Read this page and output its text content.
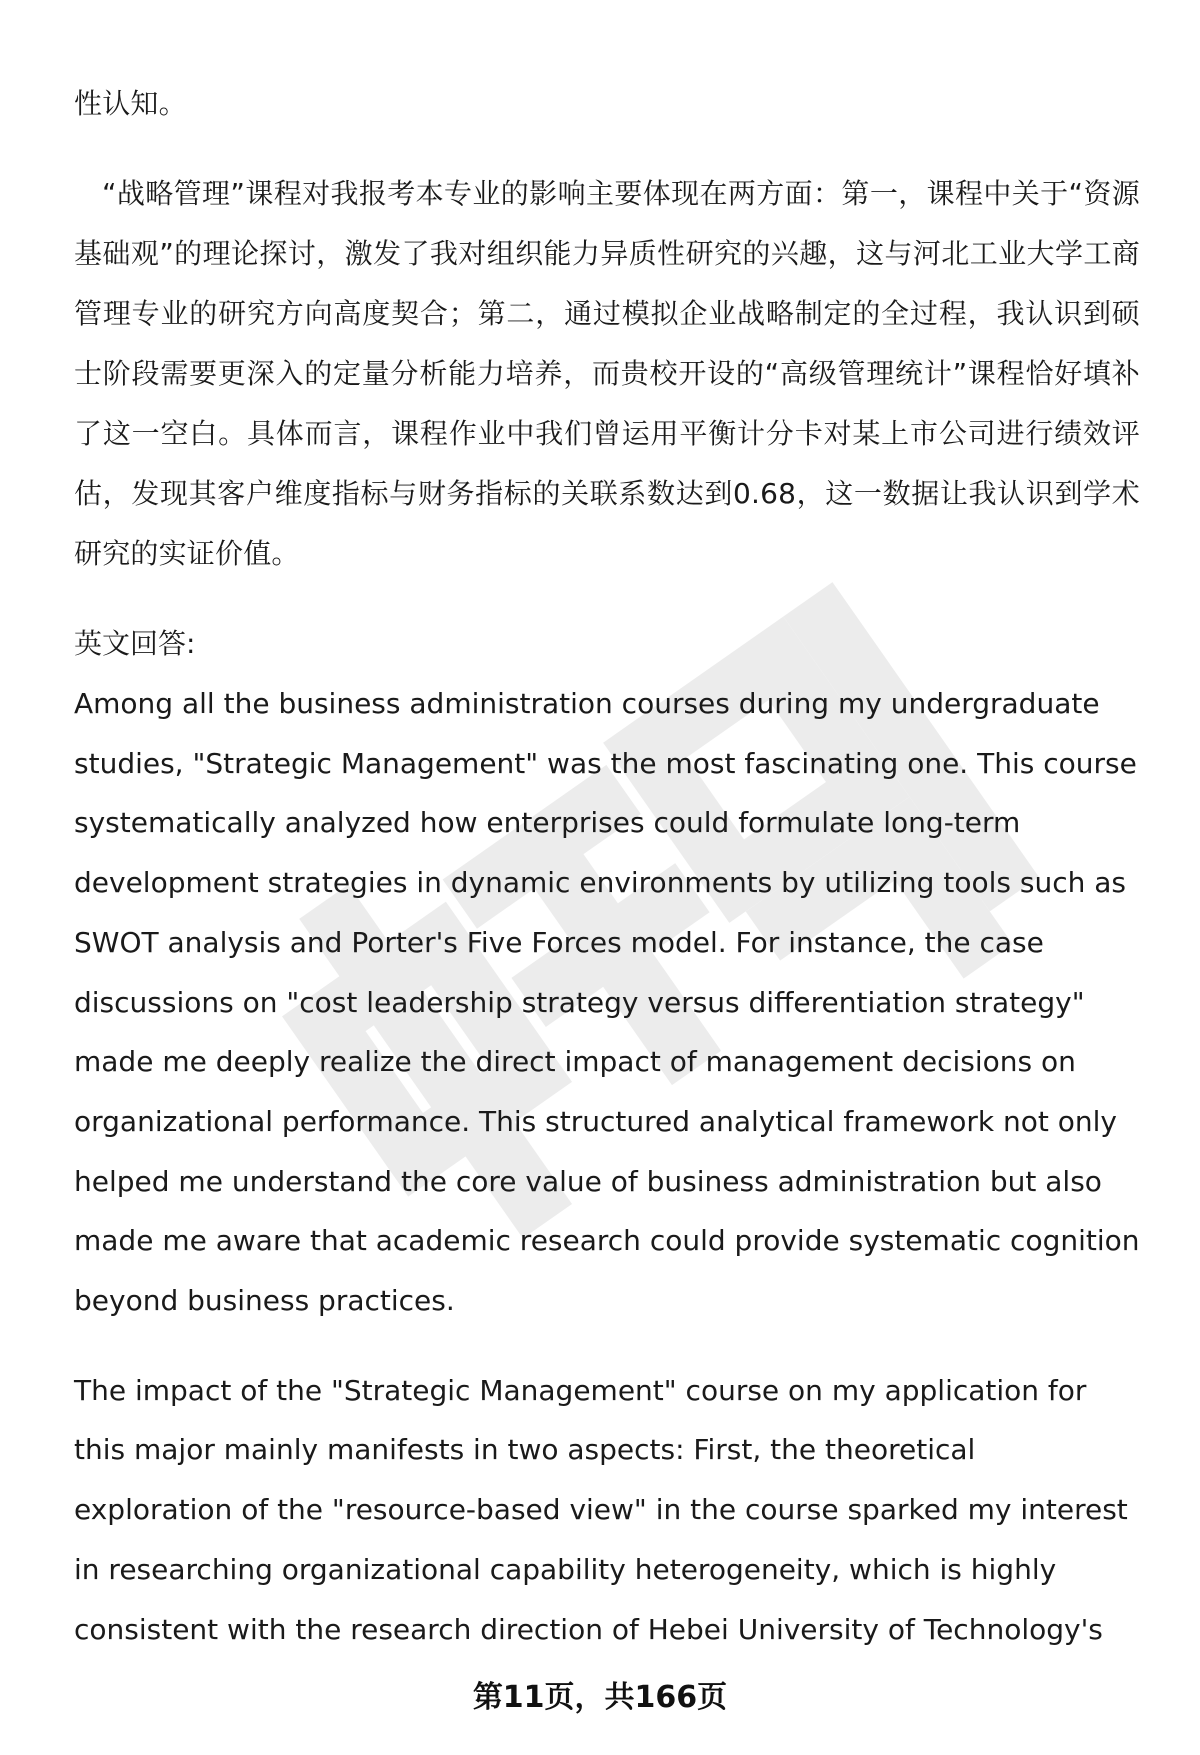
性认知。

“战略管理”课程对我报考本专业的影响主要体现在两方面：第一，课程中关于“资源基础观”的理论探讨，激发了我对组织能力异质性研究的兴趣，这与河北工业大学工商管理专业的研究方向高度契合；第二，通过模拟企业战略制定的全过程，我认识到硕士阶段需要更深入的定量分析能力培养，而贵校开设的“高级管理统计”课程恰好填补了这一空白。具体而言，课程作业中我们曾运用平衡计分卡对某上市公司进行绩效评估，发现其客户维度指标与财务指标的关联系数达到0.68，这一数据让我认识到学术研究的实证价值。

英文回答:

Among all the business administration courses during my undergraduate studies, "Strategic Management" was the most fascinating one. This course systematically analyzed how enterprises could formulate long-term development strategies in dynamic environments by utilizing tools such as SWOT analysis and Porter's Five Forces model. For instance, the case discussions on "cost leadership strategy versus differentiation strategy" made me deeply realize the direct impact of management decisions on organizational performance. This structured analytical framework not only helped me understand the core value of business administration but also made me aware that academic research could provide systematic cognition beyond business practices.

The impact of the "Strategic Management" course on my application for this major mainly manifests in two aspects: First, the theoretical exploration of the "resource-based view" in the course sparked my interest in researching organizational capability heterogeneity, which is highly consistent with the research direction of Hebei University of Technology's

第11页，共166页
